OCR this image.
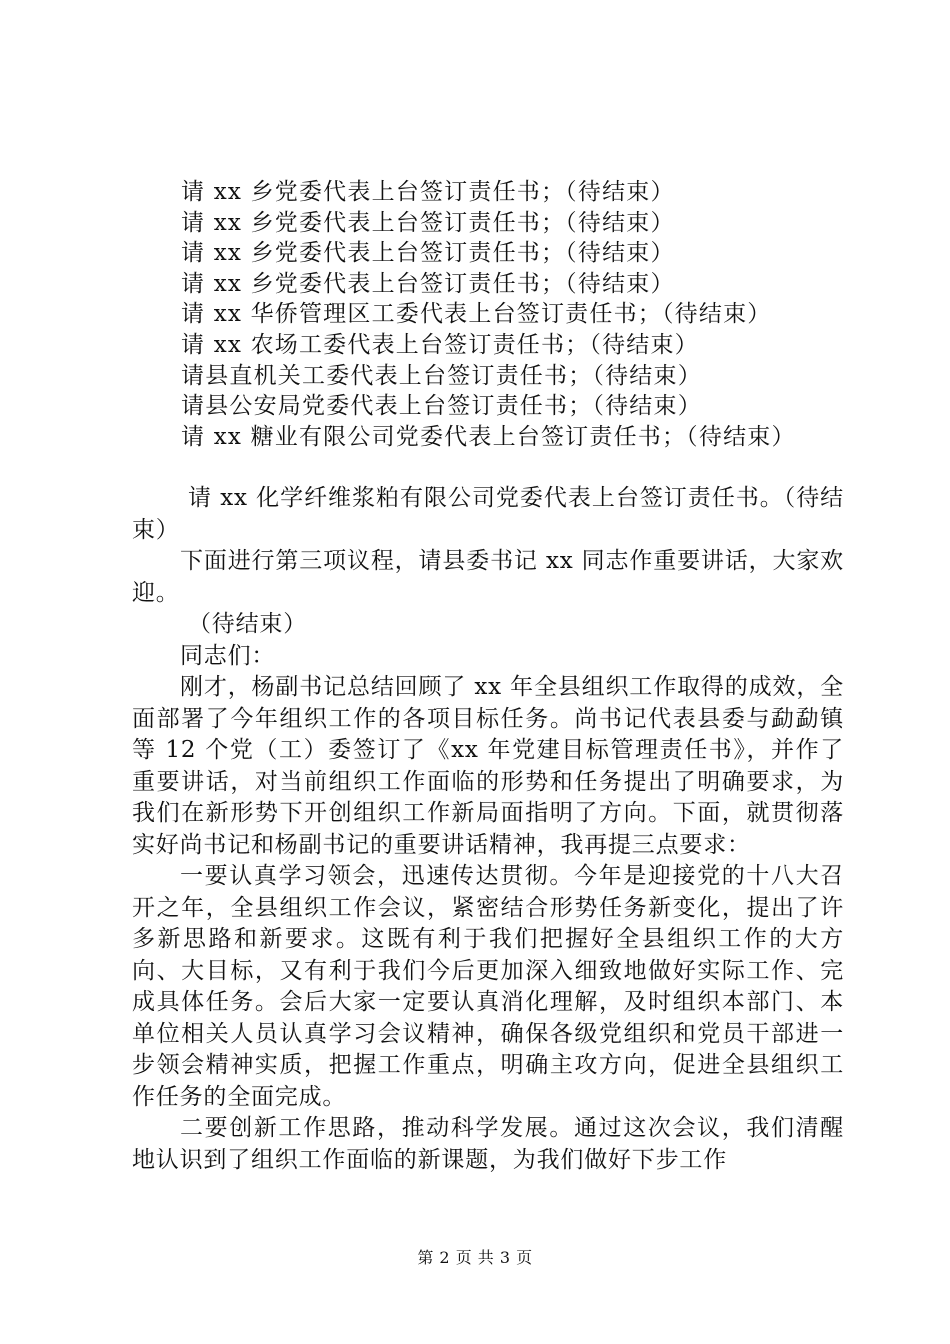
请 xx 乡党委代表上台签订责任书；（待结束）
请 xx 乡党委代表上台签订责任书；（待结束）
请 xx 乡党委代表上台签订责任书；（待结束）
请 xx 乡党委代表上台签订责任书；（待结束）
请 xx 华侨管理区工委代表上台签订责任书；（待结束）
请 xx 农场工委代表上台签订责任书；（待结束）
请县直机关工委代表上台签订责任书；（待结束）
请县公安局党委代表上台签订责任书；（待结束）
请 xx 糖业有限公司党委代表上台签订责任书；（待结束）

请 xx 化学纤维浆粕有限公司党委代表上台签订责任书。（待结束）

下面进行第三项议程，请县委书记 xx 同志作重要讲话，大家欢迎。

（待结束）

同志们：

刚才，杨副书记总结回顾了 xx 年全县组织工作取得的成效，全面部署了今年组织工作的各项目标任务。尚书记代表县委与勐勐镇等 12 个党（工）委签订了《xx 年党建目标管理责任书》，并作了重要讲话，对当前组织工作面临的形势和任务提出了明确要求，为我们在新形势下开创组织工作新局面指明了方向。下面，就贯彻落实好尚书记和杨副书记的重要讲话精神，我再提三点要求：

一要认真学习领会，迅速传达贯彻。今年是迎接党的十八大召开之年，全县组织工作会议，紧密结合形势任务新变化，提出了许多新思路和新要求。这既有利于我们把握好全县组织工作的大方向、大目标，又有利于我们今后更加深入细致地做好实际工作、完成具体任务。会后大家一定要认真消化理解，及时组织本部门、本单位相关人员认真学习会议精神，确保各级党组织和党员干部进一步领会精神实质，把握工作重点，明确主攻方向，促进全县组织工作任务的全面完成。

二要创新工作思路，推动科学发展。通过这次会议，我们清醒地认识到了组织工作面临的新课题，为我们做好下步工作

第 2 页 共 3 页
